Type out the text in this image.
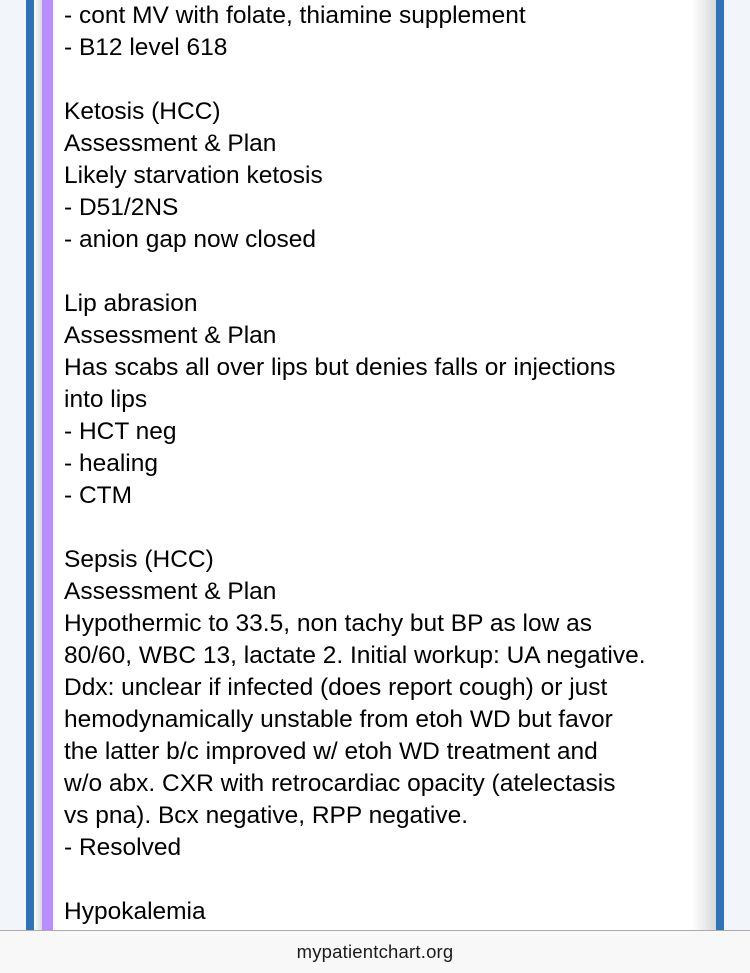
- cont MV with folate, thiamine supplement
- B12 level 618
Ketosis (HCC)
Assessment & Plan
Likely starvation ketosis
- D51/2NS
- anion gap now closed
Lip abrasion
Assessment & Plan
Has scabs all over lips but denies falls or injections
into lips
- HCT neg
- healing
- CTM
Sepsis (HCC)
Assessment & Plan
Hypothermic to 33.5, non tachy but BP as low as
80/60, WBC 13, lactate 2. Initial workup: UA negative.
Ddx: unclear if infected (does report cough) or just
hemodynamically unstable from etoh WD but favor
the latter b/c improved w/ etoh WD treatment and
w/o abx. CXR with retrocardiac opacity (atelectasis
vs pna). Bcx negative, RPP negative.
- Resolved
Hypokalemia
mypatientchart.org
